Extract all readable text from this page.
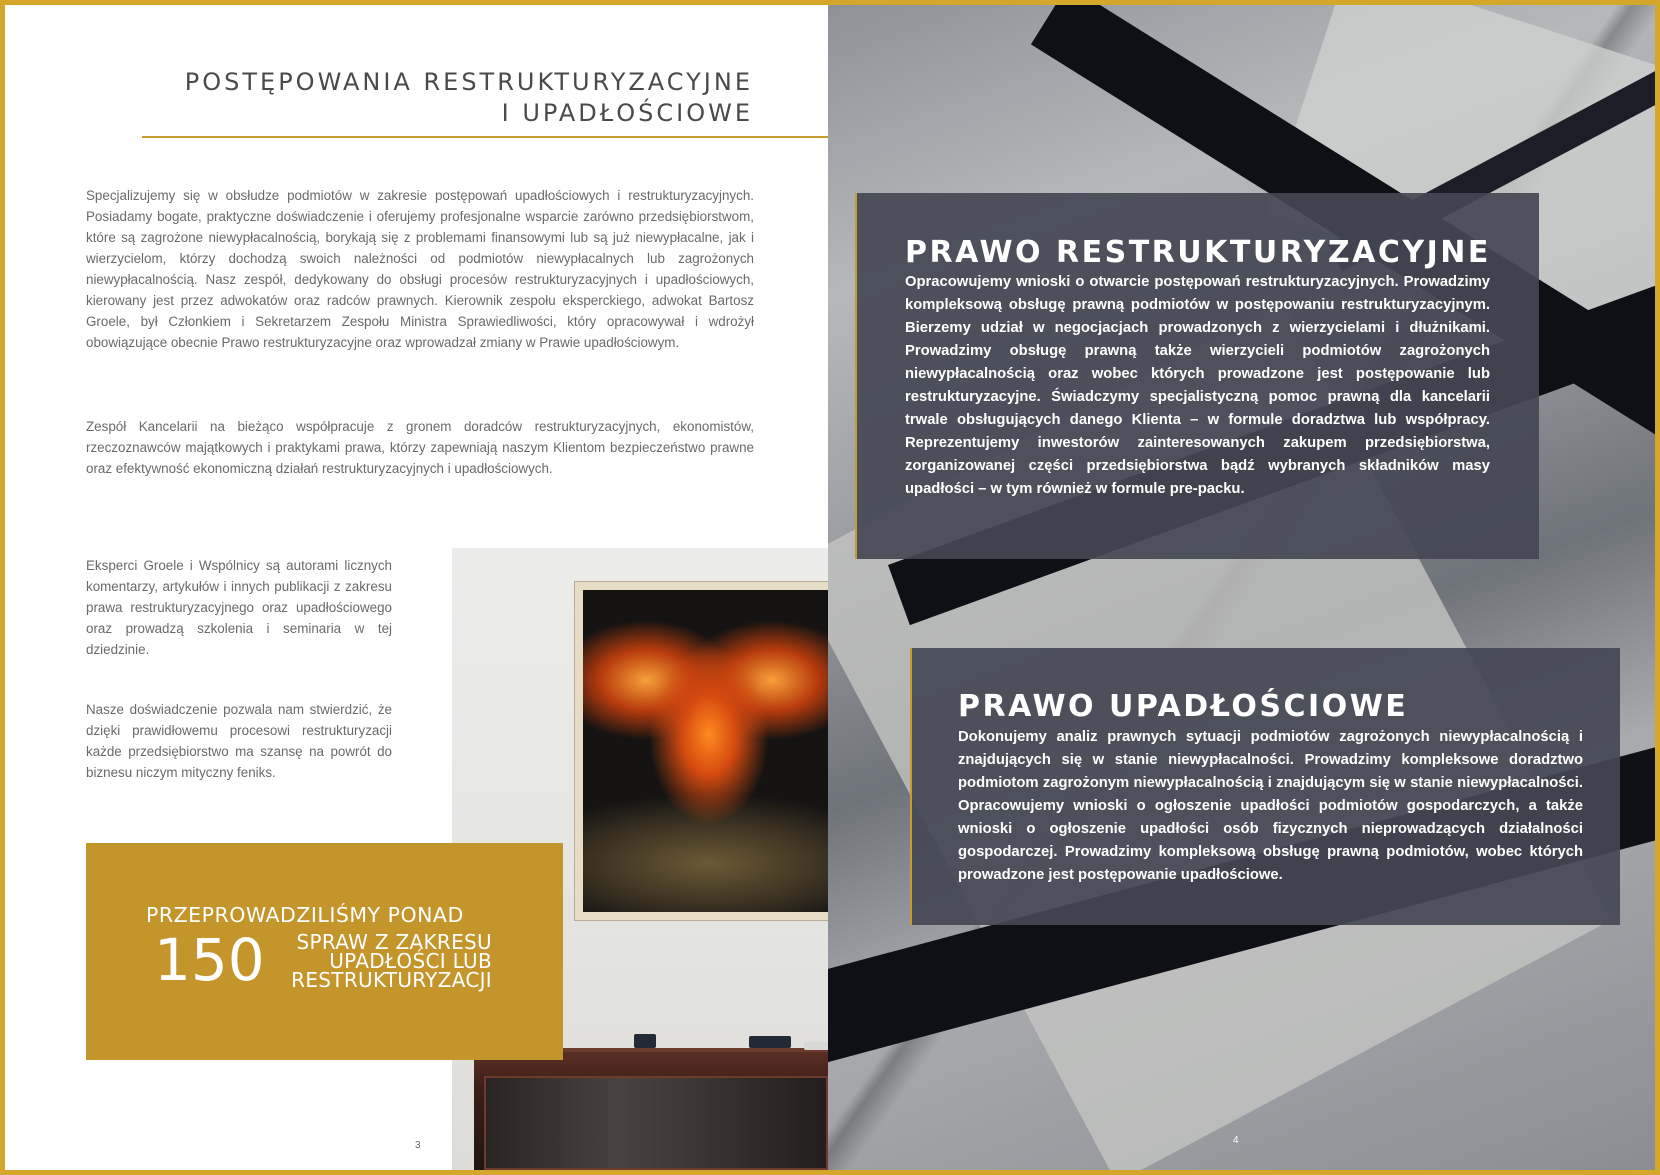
POSTĘPOWANIA RESTRUKTURYZACYJNE
I UPADŁOŚCIOWE

Specjalizujemy się w obsłudze podmiotów w zakresie postępowań upadłościowych i restrukturyzacyjnych. Posiadamy bogate, praktyczne doświadczenie i oferujemy profesjonalne wsparcie zarówno przedsiębiorstwom, które są zagrożone niewypłacalnością, borykają się z problemami finansowymi lub są już niewypłacalne, jak i wierzycielom, którzy dochodzą swoich należności od podmiotów niewypłacalnych lub zagrożonych niewypłacalnością. Nasz zespół, dedykowany do obsługi procesów restrukturyzacyjnych i upadłościowych, kierowany jest przez adwokatów oraz radców prawnych. Kierownik zespołu eksperckiego, adwokat Bartosz Groele, był Członkiem i Sekretarzem Zespołu Ministra Sprawiedliwości, który opracowywał i wdrożył obowiązujące obecnie Prawo restrukturyzacyjne oraz wprowadzał zmiany w Prawie upadłościowym.

Zespół Kancelarii na bieżąco współpracuje z gronem doradców restrukturyzacyjnych, ekonomistów, rzeczoznawców majątkowych i praktykami prawa, którzy zapewniają naszym Klientom bezpieczeństwo prawne oraz efektywność ekonomiczną działań restrukturyzacyjnych i upadłościowych.

Eksperci Groele i Wspólnicy są autorami licznych komentarzy, artykułów i innych publikacji z zakresu prawa restrukturyzacyjnego oraz upadłościowego oraz prowadzą szkolenia i seminaria w tej dziedzinie.

Nasze doświadczenie pozwala nam stwierdzić, że dzięki prawidłowemu procesowi restrukturyzacji każde przedsiębiorstwo ma szansę na powrót do biznesu niczym mityczny feniks.

PRZEPROWADZILIŚMY PONAD
150	SPRAW Z ZAKRESU
UPADŁOŚCI LUB
RESTRUKTURYZACJI
3
PRAWO RESTRUKTURYZACYJNE

Opracowujemy wnioski o otwarcie postępowań restrukturyzacyjnych. Prowadzimy kompleksową obsługę prawną podmiotów w postępowaniu restrukturyzacyjnym. Bierzemy udział w negocjacjach prowadzonych z wierzycielami i dłużnikami. Prowadzimy obsługę prawną także wierzycieli podmiotów zagrożonych niewypłacalnością oraz wobec których prowadzone jest postępowanie lub restrukturyzacyjne. Świadczymy specjalistyczną pomoc prawną dla kancelarii trwale obsługujących danego Klienta – w formule doradztwa lub współpracy. Reprezentujemy inwestorów zainteresowanych zakupem przedsiębiorstwa, zorganizowanej części przedsiębiorstwa bądź wybranych składników masy upadłości – w tym również w formule pre-packu.

PRAWO UPADŁOŚCIOWE

Dokonujemy analiz prawnych sytuacji podmiotów zagrożonych niewypłacalnością i znajdujących się w stanie niewypłacalności. Prowadzimy kompleksowe doradztwo podmiotom zagrożonym niewypłacalnością i znajdującym się w stanie niewypłacalności. Opracowujemy wnioski o ogłoszenie upadłości podmiotów gospodarczych, a także wnioski o ogłoszenie upadłości osób fizycznych nieprowadzących działalności gospodarczej. Prowadzimy kompleksową obsługę prawną podmiotów, wobec których prowadzone jest postępowanie upadłościowe.

4
